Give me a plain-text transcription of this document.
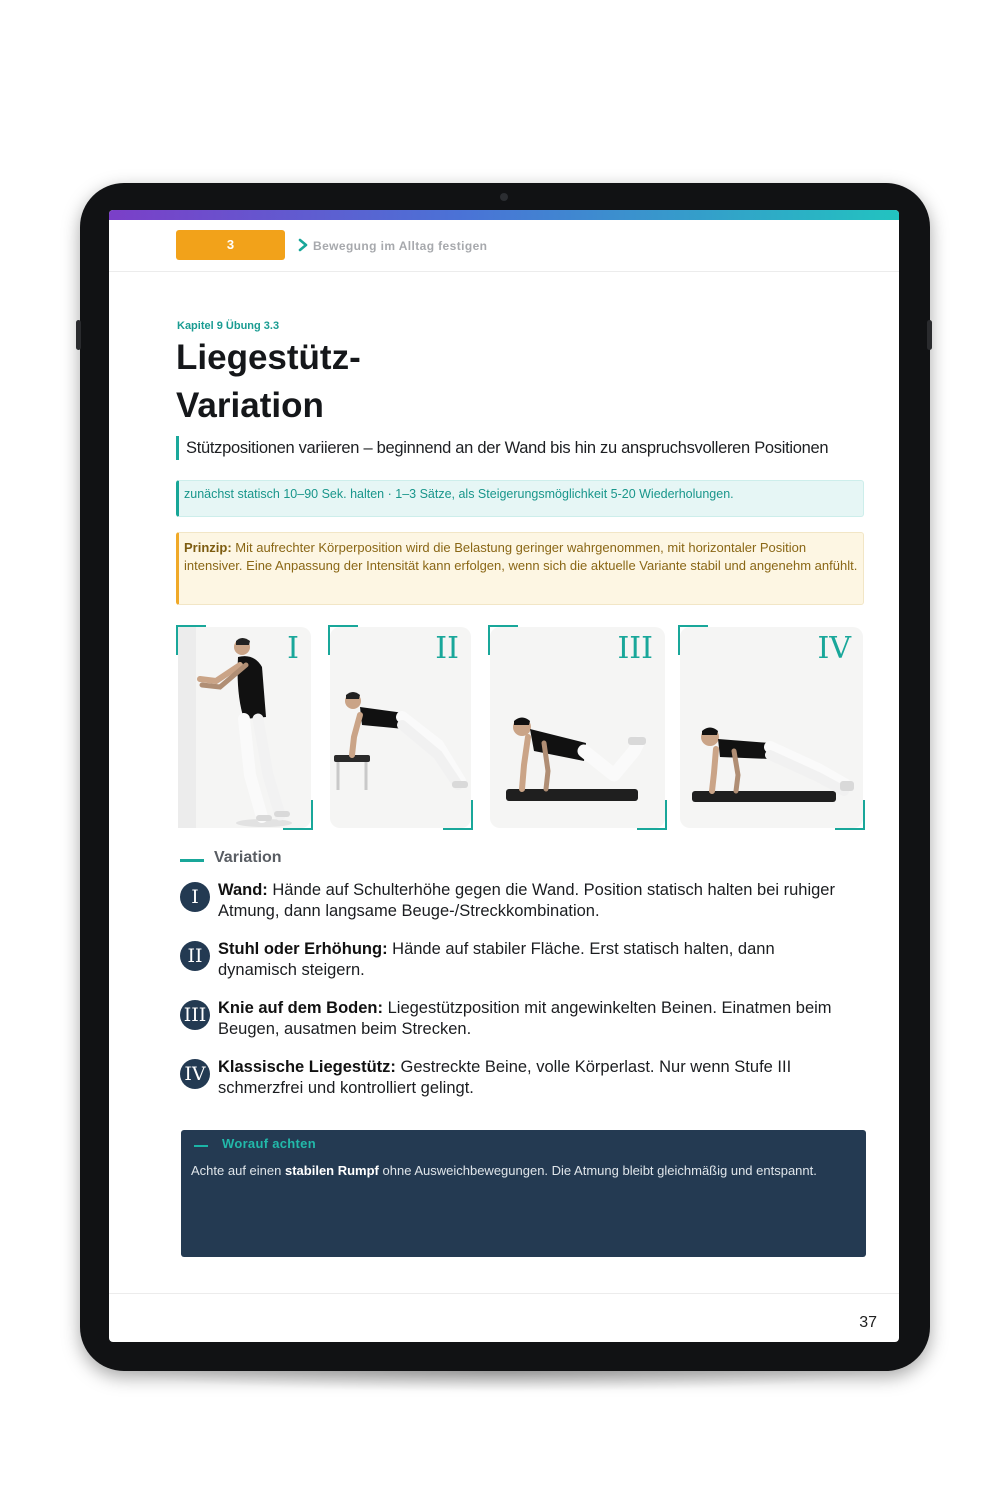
3	Bewegung im Alltag festigen
Kapitel 9 Übung 3.3
Liegestütz-Variation
Stützpositionen variieren – beginnend an der Wand bis hin zu anspruchsvolleren Positionen
zunächst statisch 10–90 Sek. halten · 1–3 Sätze, als Steigerungsmöglichkeit 5-20 Wiederholungen.
Prinzip: Mit aufrechter Körperposition wird die Belastung geringer wahrgenommen, mit horizontaler Position intensiver. Eine Anpassung der Intensität kann erfolgen, wenn sich die aktuelle Variante stabil und angenehm anfühlt.
I	II	III	IV
Variation
I	Wand: Hände auf Schulterhöhe gegen die Wand. Position statisch halten bei ruhiger Atmung, dann langsame Beuge-/Streckkombination.
II Stuhl oder Erhöhung: Hände auf stabiler Fläche. Erst statisch halten, dann dynamisch steigern.
III Knie auf dem Boden: Liegestützposition mit angewinkelten Beinen. Einatmen beim Beugen, ausatmen beim Strecken.
IV Klassische Liegestütz: Gestreckte Beine, volle Körperlast. Nur wenn Stufe III schmerzfrei und kontrolliert gelingt.
Worauf achten
Achte auf einen stabilen Rumpf ohne Ausweichbewegungen. Die Atmung bleibt gleichmäßig und entspannt.
37
